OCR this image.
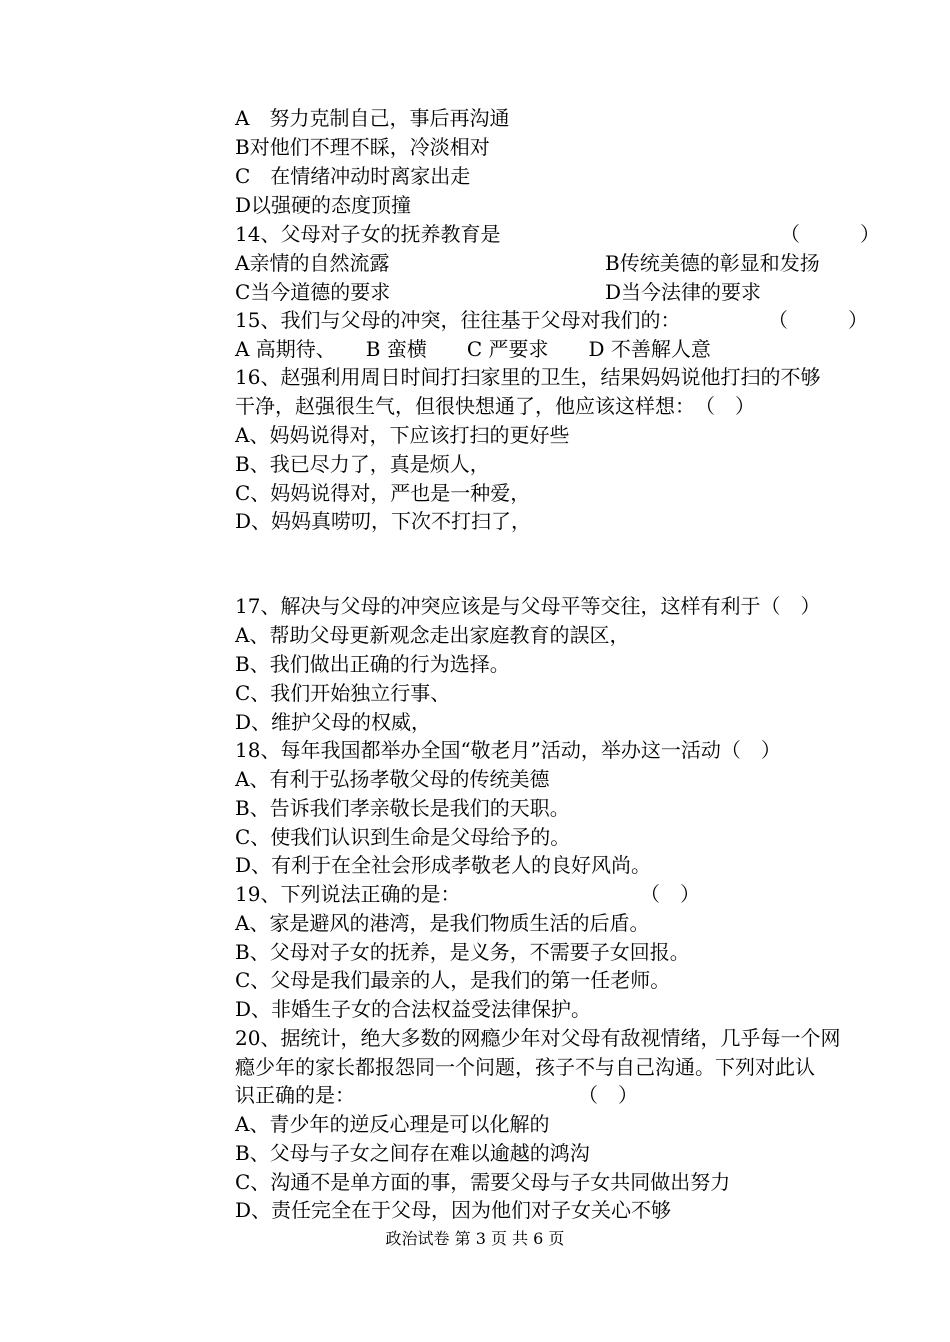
A　努力克制自己，事后再沟通
B对他们不理不睬，冷淡相对
C　在情绪冲动时离家出走
D以强硬的态度顶撞
14、父母对子女的抚养教育是	（　　　）
A亲情的自然流露	B传统美德的彰显和发扬
C当今道德的要求	D当今法律的要求
15、我们与父母的冲突，往往基于父母对我们的：	（　　　）
A 高期待、　　B 蛮横　　C 严要求　　D 不善解人意
16、赵强利用周日时间打扫家里的卫生，结果妈妈说他打扫的不够
干净，赵强很生气，但很快想通了，他应该这样想：　（　）
A、妈妈说得对，下应该打扫的更好些
B、我已尽力了，真是烦人，
C、妈妈说得对，严也是一种爱，
D、妈妈真唠叨，下次不打扫了，
17、解决与父母的冲突应该是与父母平等交往，这样有利于（　）
A、帮助父母更新观念走出家庭教育的誤区，
B、我们做出正确的行为选择。
C、我们开始独立行事、
D、维护父母的权威，
18、每年我国都举办全国“敬老月”活动，举办这一活动（　）
A、有利于弘扬孝敬父母的传统美德
B、告诉我们孝亲敬长是我们的天职。
C、使我们认识到生命是父母给予的。
D、有利于在全社会形成孝敬老人的良好风尚。
19、下列说法正确的是：	（　）
A、家是避风的港湾，是我们物质生活的后盾。
B、父母对子女的抚养，是义务，不需要子女回报。
C、父母是我们最亲的人，是我们的第一任老师。
D、非婚生子女的合法权益受法律保护。
20、据统计，绝大多数的网瘾少年对父母有敌视情绪，几乎每一个网
瘾少年的家长都报怨同一个问题，孩子不与自己沟通。下列对此认
识正确的是：	（　）
A、青少年的逆反心理是可以化解的
B、父母与子女之间存在难以逾越的鸿沟
C、沟通不是单方面的事，需要父母与子女共同做出努力
D、责任完全在于父母，因为他们对子女关心不够
政治试卷 第 3 页 共 6 页
